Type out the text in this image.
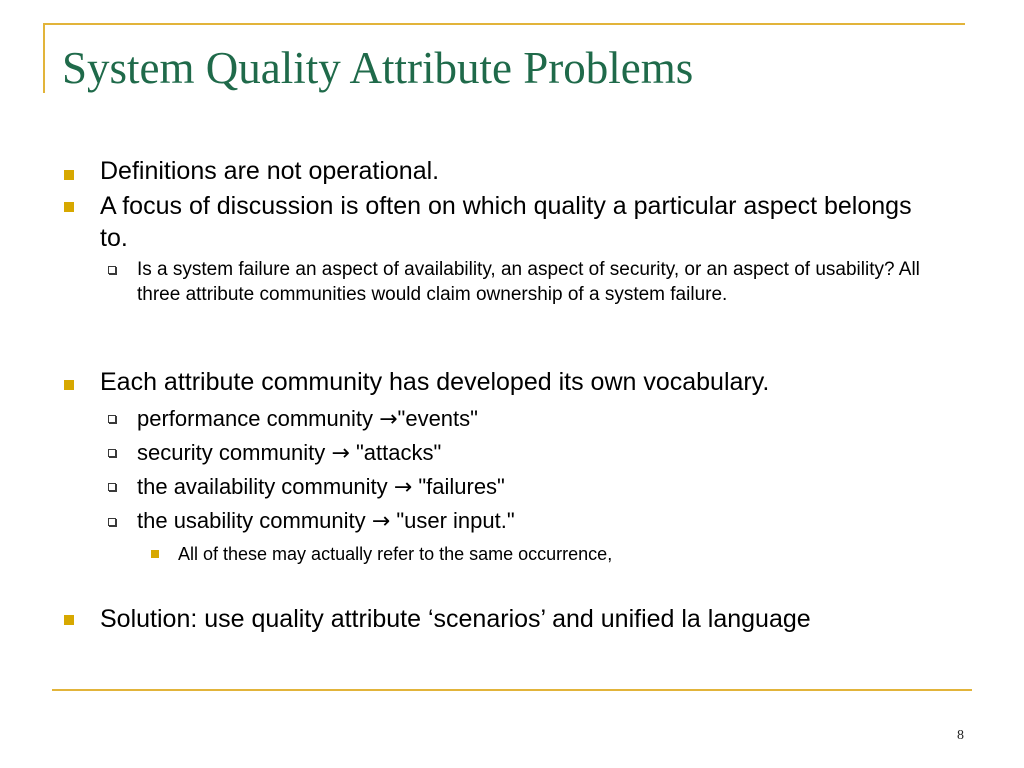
System Quality Attribute Problems
Definitions are not operational.
A focus of discussion is often on which quality a particular aspect belongs to.
Is a system failure an aspect of availability, an aspect of security, or an aspect of usability? All three attribute communities would claim ownership of a system failure.
Each attribute community has developed its own vocabulary.
performance community →"events"
security community → "attacks"
the availability community → "failures"
the usability community → "user input."
All of these may actually refer to the same occurrence,
Solution: use quality attribute ‘scenarios’ and unified la language
8
